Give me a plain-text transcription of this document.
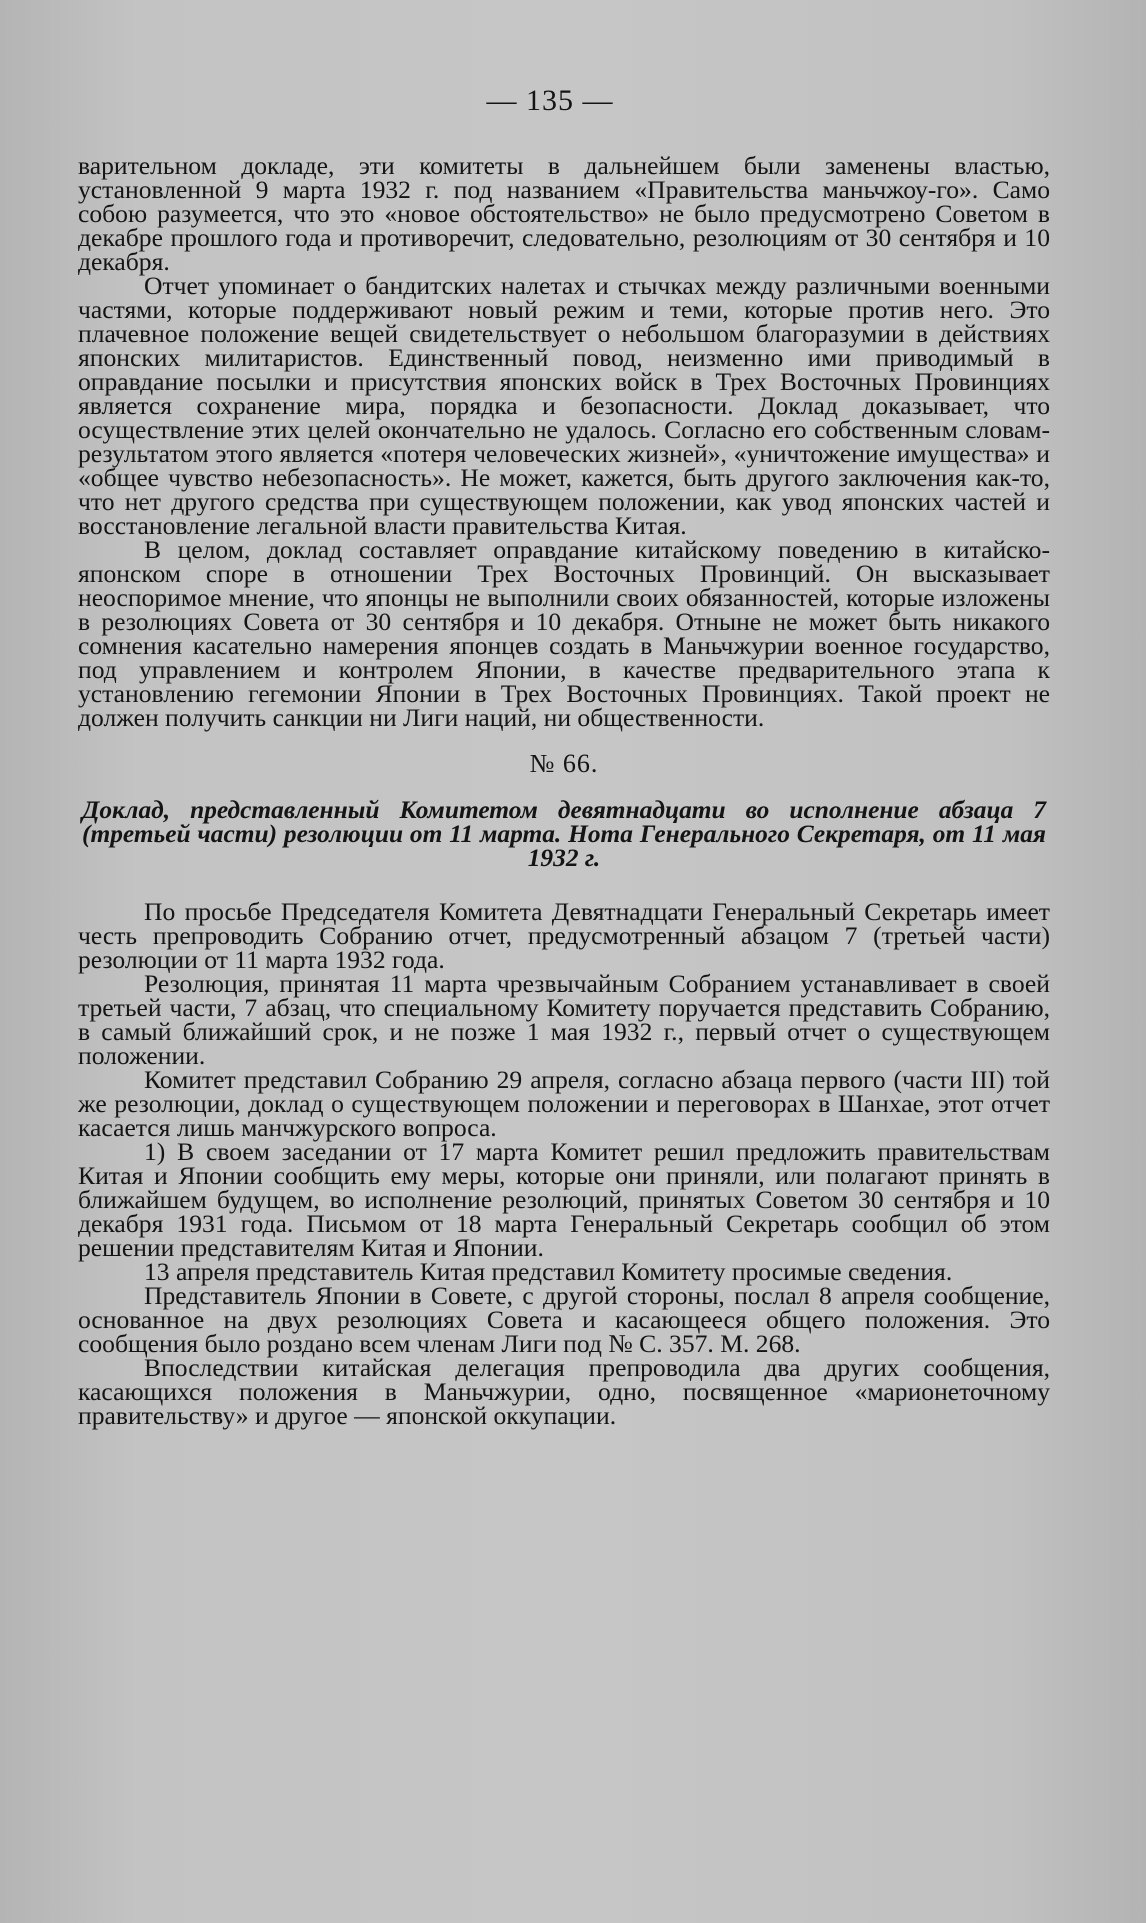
— 135 —

варительном докладе, эти комитеты в дальнейшем были заменены властью, установленной 9 марта 1932 г. под названием «Правительства маньчжоу-го». Само собою разумеется, что это «новое обстоятельство» не было предусмотрено Советом в декабре прошлого года и противоречит, следовательно, резолюциям от 30 сентября и 10 декабря.

Отчет упоминает о бандитских налетах и стычках между различными военными частями, которые поддерживают новый режим и теми, которые против него. Это плачевное положение вещей свидетельствует о небольшом благоразумии в действиях японских милитаристов. Единственный повод, неизменно ими приводимый в оправдание посылки и присутствия японских войск в Трех Восточных Провинциях является сохранение мира, порядка и безопасности. Доклад доказывает, что осуществление этих целей окончательно не удалось. Согласно его собственным словам-результатом этого является «потеря человеческих жизней», «уничтожение имущества» и «общее чувство небезопасность». Не может, кажется, быть другого заключения как-то, что нет другого средства при существующем положении, как увод японских частей и восстановление легальной власти правительства Китая.

В целом, доклад составляет оправдание китайскому поведению в китайско-японском споре в отношении Трех Восточных Провинций. Он высказывает неоспоримое мнение, что японцы не выполнили своих обязанностей, которые изложены в резолюциях Совета от 30 сентября и 10 декабря. Отныне не может быть никакого сомнения касательно намерения японцев создать в Маньчжурии военное государство, под управлением и контролем Японии, в качестве предварительного этапа к установлению гегемонии Японии в Трех Восточных Провинциях. Такой проект не должен получить санкции ни Лиги наций, ни общественности.

№ 66.
Доклад, представленный Комитетом девятнадцати во исполнение абзаца 7 (третьей части) резолюции от 11 марта. Нота Генерального Секретаря, от 11 мая 1932 г.

По просьбе Председателя Комитета Девятнадцати Генеральный Секретарь имеет честь препроводить Собранию отчет, предусмотренный абзацом 7 (третьей части) резолюции от 11 марта 1932 года.

Резолюция, принятая 11 марта чрезвычайным Собранием устанавливает в своей третьей части, 7 абзац, что специальному Комитету поручается представить Собранию, в самый ближайший срок, и не позже 1 мая 1932 г., первый отчет о существующем положении.

Комитет представил Собранию 29 апреля, согласно абзаца первого (части III) той же резолюции, доклад о существующем положении и переговорах в Шанхае, этот отчет касается лишь манчжурского вопроса.

1) В своем заседании от 17 марта Комитет решил предложить правительствам Китая и Японии сообщить ему меры, которые они приняли, или полагают принять в ближайшем будущем, во исполнение резолюций, принятых Советом 30 сентября и 10 декабря 1931 года. Письмом от 18 марта Генеральный Секретарь сообщил об этом решении представителям Китая и Японии.

13 апреля представитель Китая представил Комитету просимые сведения.

Представитель Японии в Совете, с другой стороны, послал 8 апреля сообщение, основанное на двух резолюциях Совета и касающееся общего положения. Это сообщения было роздано всем членам Лиги под № С. 357. М. 268.

Впоследствии китайская делегация препроводила два других сообщения, касающихся положения в Маньчжурии, одно, посвященное «марионеточному правительству» и другое — японской оккупации.
